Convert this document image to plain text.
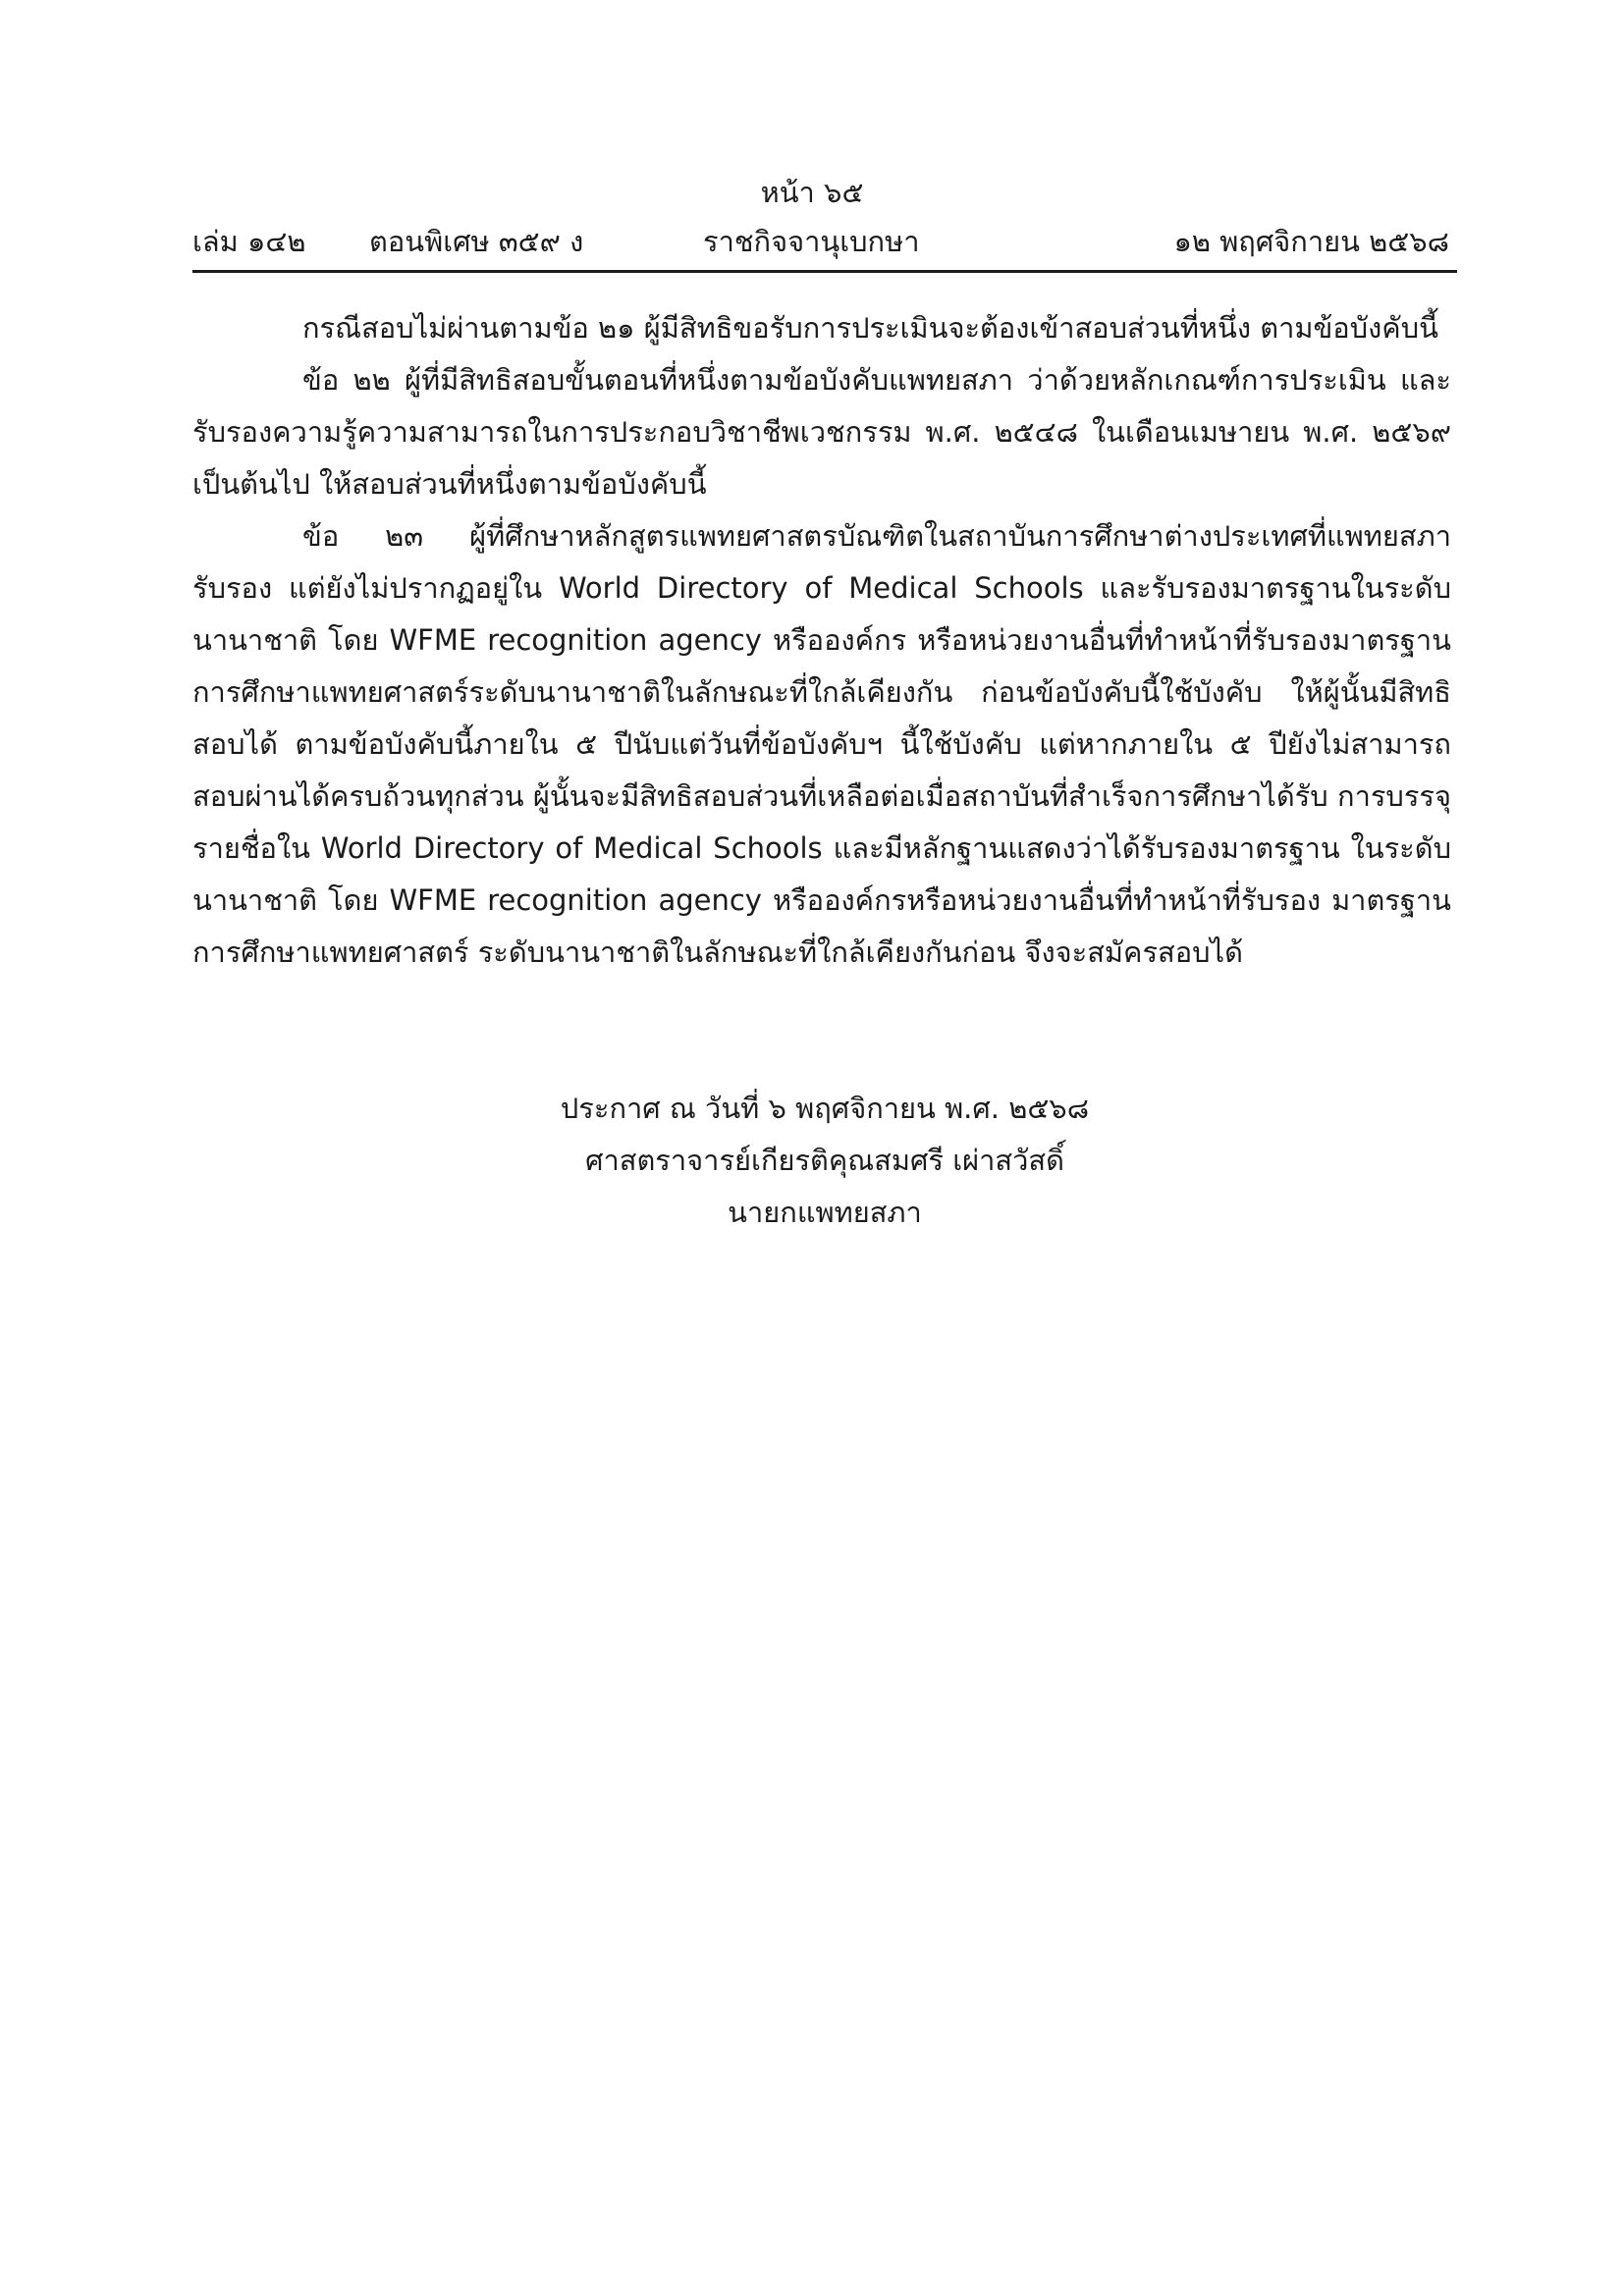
หน้า ๖๕
เล่ม ๑๔๒ ตอนพิเศษ ๓๕๙ ง	ราชกิจจานุเบกษา	๑๒ พฤศจิกายน ๒๕๖๘

กรณีสอบไม่ผ่านตามข้อ ๒๑ ผู้มีสิทธิขอรับการประเมินจะต้องเข้าสอบส่วนที่หนึ่ง ตามข้อบังคับนี้

ข้อ ๒๒ ผู้ที่มีสิทธิสอบขั้นตอนที่หนึ่งตามข้อบังคับแพทยสภา ว่าด้วยหลักเกณฑ์การประเมิน และรับรองความรู้ความสามารถในการประกอบวิชาชีพเวชกรรม พ.ศ. ๒๕๔๘ ในเดือนเมษายน พ.ศ. ๒๕๖๙ เป็นต้นไป ให้สอบส่วนที่หนึ่งตามข้อบังคับนี้

ข้อ ๒๓ ผู้ที่ศึกษาหลักสูตรแพทยศาสตรบัณฑิตในสถาบันการศึกษาต่างประเทศที่แพทยสภารับรอง แต่ยังไม่ปรากฏอยู่ใน World Directory of Medical Schools และรับรองมาตรฐานในระดับนานาชาติ โดย WFME recognition agency หรือองค์กร หรือหน่วยงานอื่นที่ทำหน้าที่รับรองมาตรฐาน การศึกษาแพทยศาสตร์ระดับนานาชาติในลักษณะที่ใกล้เคียงกัน ก่อนข้อบังคับนี้ใช้บังคับ ให้ผู้นั้นมีสิทธิสอบได้ ตามข้อบังคับนี้ภายใน ๕ ปีนับแต่วันที่ข้อบังคับฯ นี้ใช้บังคับ แต่หากภายใน ๕ ปียังไม่สามารถ สอบผ่านได้ครบถ้วนทุกส่วน ผู้นั้นจะมีสิทธิสอบส่วนที่เหลือต่อเมื่อสถาบันที่สำเร็จการศึกษาได้รับ การบรรจุรายชื่อใน World Directory of Medical Schools และมีหลักฐานแสดงว่าได้รับรองมาตรฐาน ในระดับนานาชาติ โดย WFME recognition agency หรือองค์กรหรือหน่วยงานอื่นที่ทำหน้าที่รับรอง มาตรฐานการศึกษาแพทยศาสตร์ ระดับนานาชาติในลักษณะที่ใกล้เคียงกันก่อน จึงจะสมัครสอบได้

ประกาศ ณ วันที่ ๖ พฤศจิกายน พ.ศ. ๒๕๖๘
ศาสตราจารย์เกียรติคุณสมศรี เผ่าสวัสดิ์
นายกแพทยสภา
